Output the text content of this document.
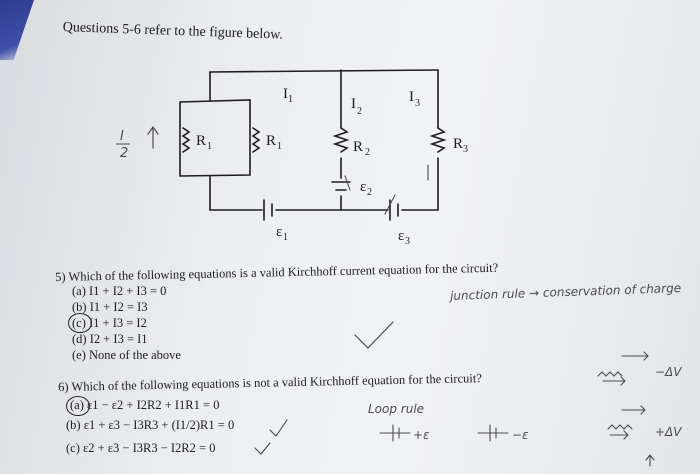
Questions 5-6 refer to the figure below.
I 1	I 2
I 3
R 1	R 1	R 2
R 3
ε 2
ε 1	ε 3
I
2
5) Which of the following equations is a valid Kirchhoff current equation for the circuit?
(a) I1 + I2 + I3 = 0
(b) I1 + I2 = I3
(c) I1 + I3 = I2
(d) I2 + I3 = I1
(e) None of the above
junction rule → conservation of charge
6) Which of the following equations is not a valid Kirchhoff equation for the circuit?
(a) ε1 − ε2 + I2R2 + I1R1 = 0
(b) ε1 + ε3 − I3R3 + (I1/2)R1 = 0
(c) ε2 + ε3 − I3R3 − I2R2 = 0
Loop rule
+ε	−ε	+ΔV
−ΔV
